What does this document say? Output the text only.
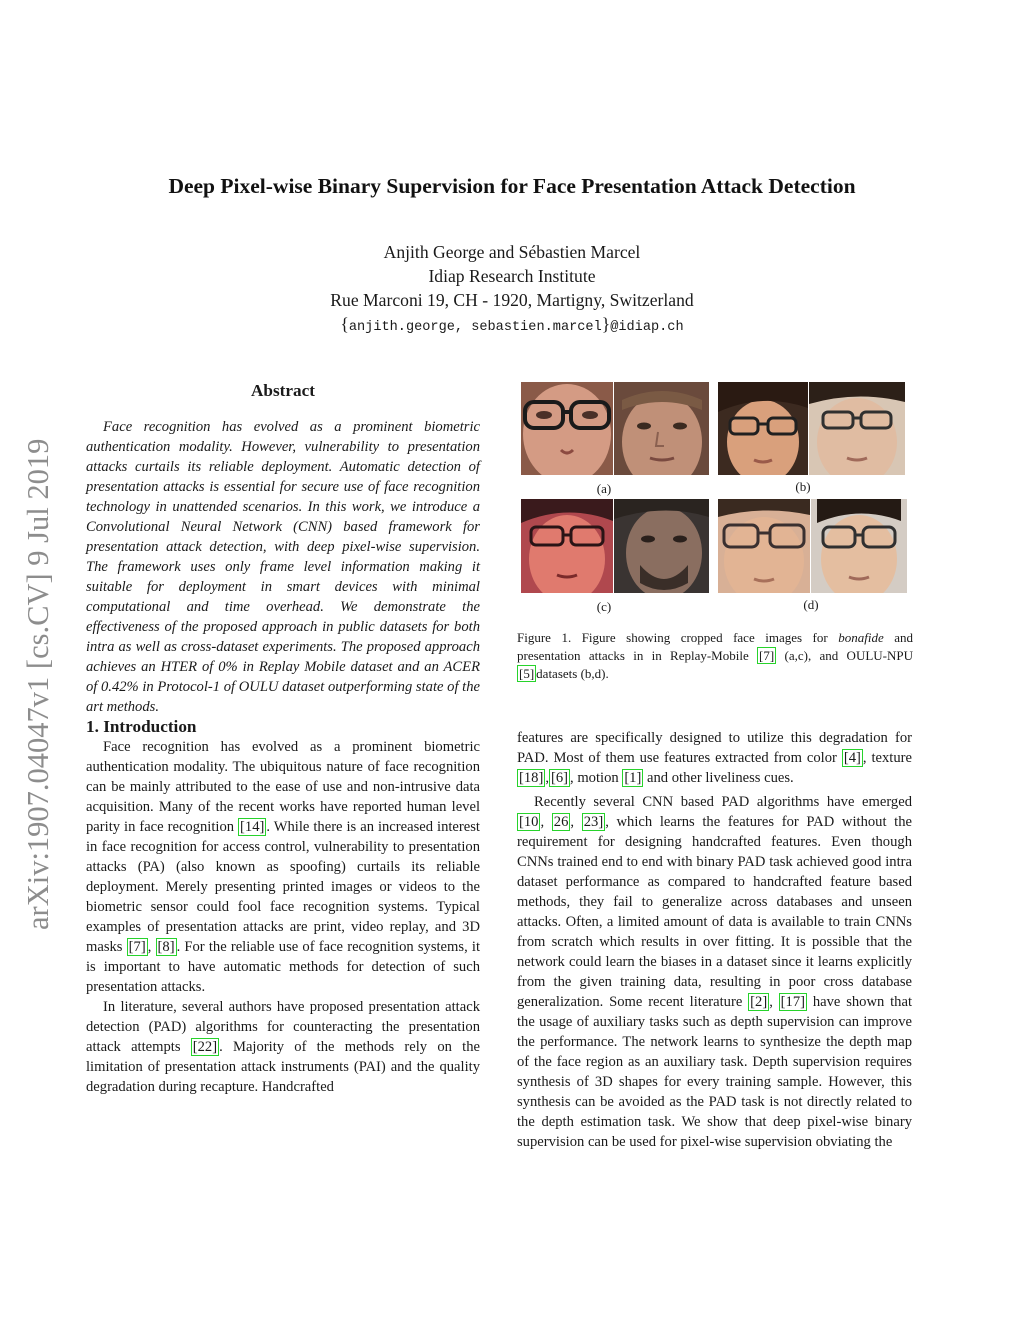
arXiv:1907.04047v1 [cs.CV] 9 Jul 2019
Deep Pixel-wise Binary Supervision for Face Presentation Attack Detection
Anjith George and Sébastien Marcel
Idiap Research Institute
Rue Marconi 19, CH - 1920, Martigny, Switzerland
{anjith.george, sebastien.marcel}@idiap.ch
Abstract

Face recognition has evolved as a prominent biometric authentication modality. However, vulnerability to presentation attacks curtails its reliable deployment. Automatic detection of presentation attacks is essential for secure use of face recognition technology in unattended scenarios. In this work, we introduce a Convolutional Neural Network (CNN) based framework for presentation attack detection, with deep pixel-wise supervision. The framework uses only frame level information making it suitable for deployment in smart devices with minimal computational and time overhead. We demonstrate the effectiveness of the proposed approach in public datasets for both intra as well as cross-dataset experiments. The proposed approach achieves an HTER of 0% in Replay Mobile dataset and an ACER of 0.42% in Protocol-1 of OULU dataset outperforming state of the art methods.

1. Introduction

Face recognition has evolved as a prominent biometric authentication modality. The ubiquitous nature of face recognition can be mainly attributed to the ease of use and non-intrusive data acquisition. Many of the recent works have reported human level parity in face recognition [14] . While there is an increased interest in face recognition for access control, vulnerability to presentation attacks (PA) (also known as spoofing) curtails its reliable deployment. Merely presenting printed images or videos to the biometric sensor could fool face recognition systems. Typical examples of presentation attacks are print, video replay, and 3D masks [7] , [8] . For the reliable use of face recognition systems, it is important to have automatic methods for detection of such presentation attacks.

In literature, several authors have proposed presentation attack detection (PAD) algorithms for counteracting the presentation attack attempts [22] . Majority of the methods rely on the limitation of presentation attack instruments (PAI) and the quality degradation during recapture. Handcrafted

(a)	(b)
(c)	(d)
Figure 1. Figure showing cropped face images for bonafide and presentation attacks in in Replay-Mobile [7] (a,c), and OULU-NPU [5] datasets (b,d).

features are specifically designed to utilize this degradation for PAD. Most of them use features extracted from color [4] , texture [18] , [6] , motion [1] and other liveliness cues.

Recently several CNN based PAD algorithms have emerged [10 , 26 , 23] , which learns the features for PAD without the requirement for designing handcrafted features. Even though CNNs trained end to end with binary PAD task achieved good intra dataset performance as compared to handcrafted feature based methods, they fail to generalize across databases and unseen attacks. Often, a limited amount of data is available to train CNNs from scratch which results in over fitting. It is possible that the network could learn the biases in a dataset since it learns explicitly from the given training data, resulting in poor cross database generalization. Some recent literature [2] , [17] have shown that the usage of auxiliary tasks such as depth supervision can improve the performance. The network learns to synthesize the depth map of the face region as an auxiliary task. Depth supervision requires synthesis of 3D shapes for every training sample. However, this synthesis can be avoided as the PAD task is not directly related to the depth estimation task. We show that deep pixel-wise binary supervision can be used for pixel-wise supervision obviating the
